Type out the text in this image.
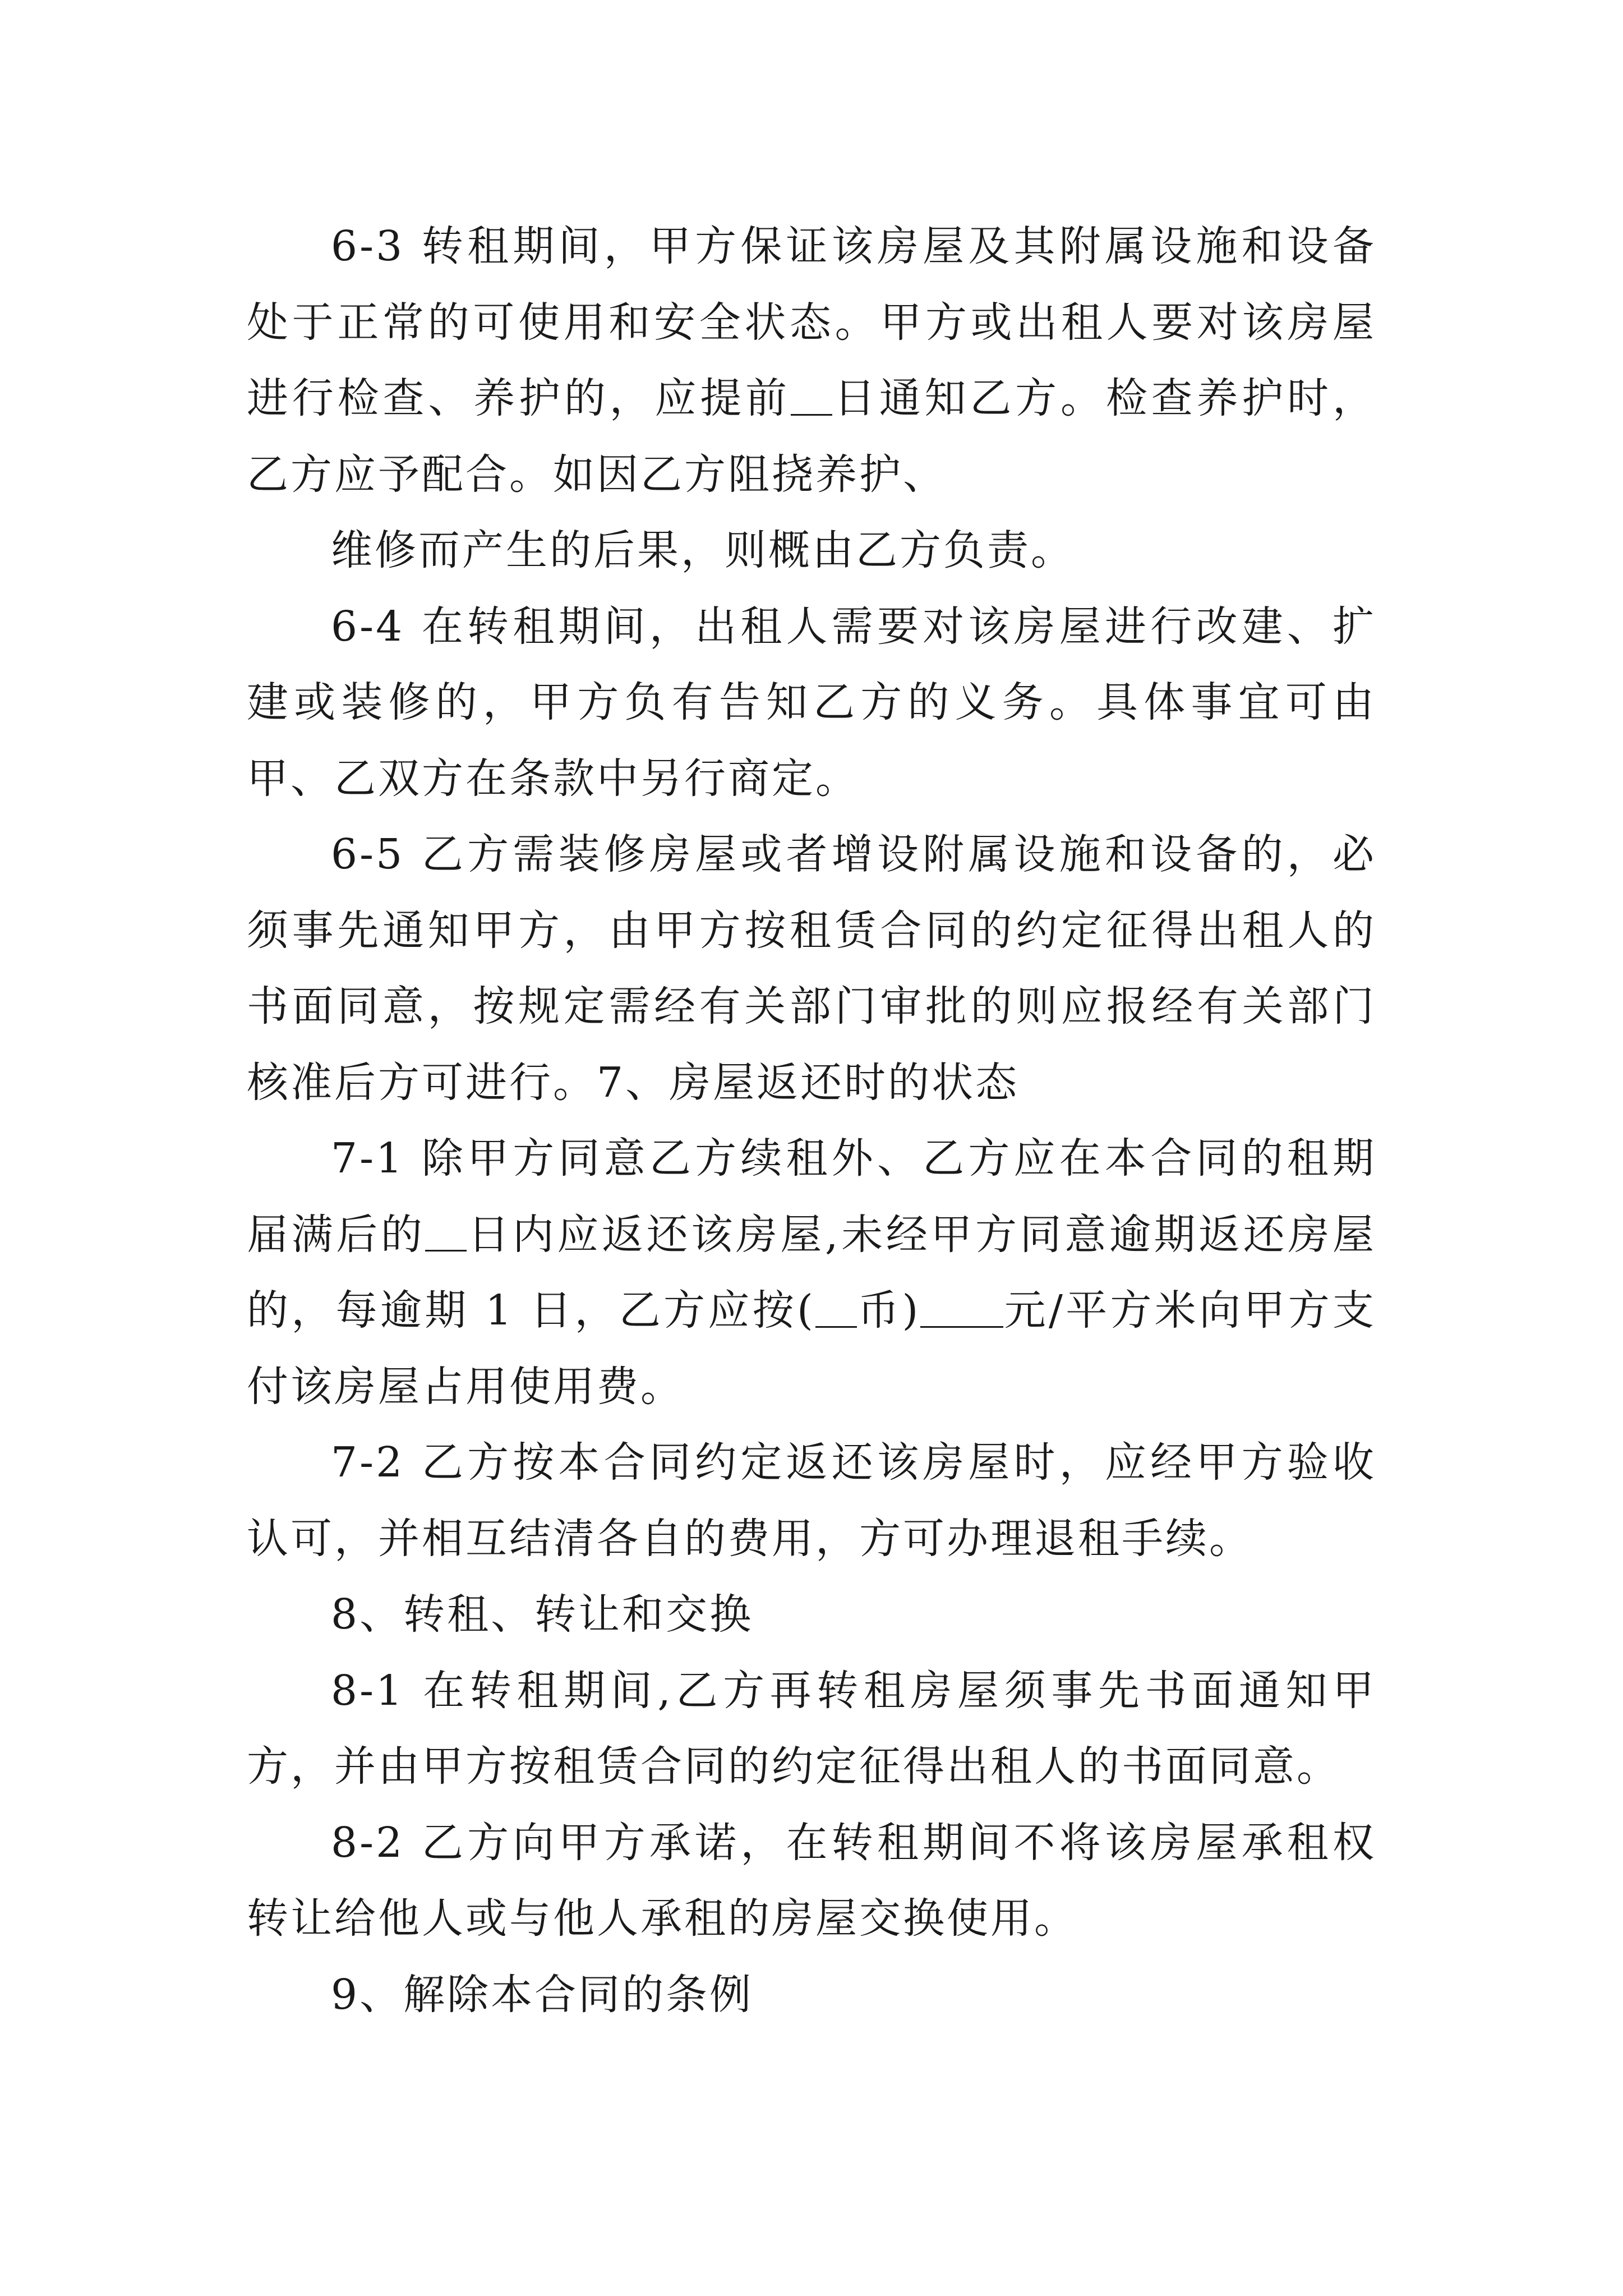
6-3 转租期间，甲方保证该房屋及其附属设施和设备处于正常的可使用和安全状态。甲方或出租人要对该房屋进行检查、养护的，应提前 日通知乙方。检查养护时，乙方应予配合。如因乙方阻挠养护、

维修而产生的后果，则概由乙方负责。

6-4 在转租期间，出租人需要对该房屋进行改建、扩建或装修的，甲方负有告知乙方的义务。具体事宜可由甲、乙双方在条款中另行商定。

6-5 乙方需装修房屋或者增设附属设施和设备的，必须事先通知甲方，由甲方按租赁合同的约定征得出租人的书面同意，按规定需经有关部门审批的则应报经有关部门核准后方可进行。7、房屋返还时的状态

7-1 除甲方同意乙方续租外、乙方应在本合同的租期届满后的 日内应返还该房屋,未经甲方同意逾期返还房屋的，每逾期 1 日，乙方应按( 币) 元/平方米向甲方支付该房屋占用使用费。

7-2 乙方按本合同约定返还该房屋时，应经甲方验收认可，并相互结清各自的费用，方可办理退租手续。

8、转租、转让和交换

8-1 在转租期间,乙方再转租房屋须事先书面通知甲方，并由甲方按租赁合同的约定征得出租人的书面同意。

8-2 乙方向甲方承诺，在转租期间不将该房屋承租权转让给他人或与他人承租的房屋交换使用。

9、解除本合同的条例
